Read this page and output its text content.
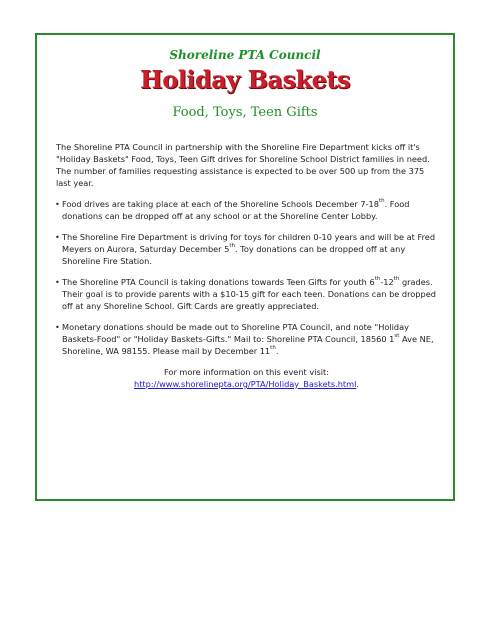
Shoreline PTA Council
Holiday Baskets
Food, Toys, Teen Gifts

The Shoreline PTA Council in partnership with the Shoreline Fire Department kicks off it's "Holiday Baskets" Food, Toys, Teen Gift drives for Shoreline School District families in need. The number of families requesting assistance is expected to be over 500 up from the 375 last year.

• Food drives are taking place at each of the Shoreline Schools December 7-18th. Food donations can be dropped off at any school or at the Shoreline Center Lobby.
• The Shoreline Fire Department is driving for toys for children 0-10 years and will be at Fred Meyers on Aurora, Saturday December 5th. Toy donations can be dropped off at any Shoreline Fire Station.
• The Shoreline PTA Council is taking donations towards Teen Gifts for youth 6th-12th grades. Their goal is to provide parents with a $10-15 gift for each teen. Donations can be dropped off at any Shoreline School. Gift Cards are greatly appreciated.
• Monetary donations should be made out to Shoreline PTA Council, and note "Holiday Baskets-Food" or "Holiday Baskets-Gifts." Mail to: Shoreline PTA Council, 18560 1st Ave NE, Shoreline, WA 98155. Please mail by December 11th.
For more information on this event visit:
http://www.shorelinepta.org/PTA/Holiday_Baskets.html.
